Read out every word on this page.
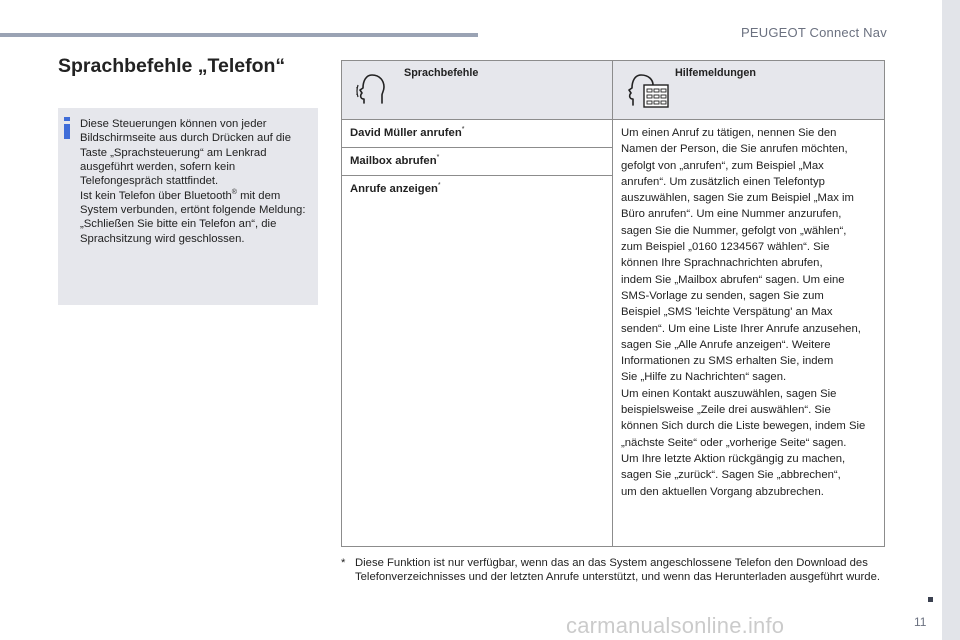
PEUGEOT Connect Nav
Sprachbefehle „Telefon“

Diese Steuerungen können von jeder Bildschirmseite aus durch Drücken auf die Taste „Sprachsteuerung“ am Lenkrad ausgeführt werden, sofern kein Telefongespräch stattfindet.

Ist kein Telefon über Bluetooth® mit dem System verbunden, ertönt folgende Meldung: „Schließen Sie bitte ein Telefon an“, die Sprachsitzung wird geschlossen.

Sprachbefehle	Hilfemeldungen
David Müller anrufen*
Mailbox abrufen*
Anrufe anzeigen*
Um einen Anruf zu tätigen, nennen Sie den
Namen der Person, die Sie anrufen möchten,
gefolgt von „anrufen“, zum Beispiel „Max
anrufen“. Um zusätzlich einen Telefontyp
auszuwählen, sagen Sie zum Beispiel „Max im
Büro anrufen“. Um eine Nummer anzurufen,
sagen Sie die Nummer, gefolgt von „wählen“,
zum Beispiel „0160 1234567 wählen“. Sie
können Ihre Sprachnachrichten abrufen,
indem Sie „Mailbox abrufen“ sagen. Um eine
SMS-Vorlage zu senden, sagen Sie zum
Beispiel „SMS 'leichte Verspätung' an Max
senden“. Um eine Liste Ihrer Anrufe anzusehen,
sagen Sie „Alle Anrufe anzeigen“. Weitere
Informationen zu SMS erhalten Sie, indem
Sie „Hilfe zu Nachrichten“ sagen.
Um einen Kontakt auszuwählen, sagen Sie
beispielsweise „Zeile drei auswählen“. Sie
können Sich durch die Liste bewegen, indem Sie
„nächste Seite“ oder „vorherige Seite“ sagen.
Um Ihre letzte Aktion rückgängig zu machen,
sagen Sie „zurück“. Sagen Sie „abbrechen“,
um den aktuellen Vorgang abzubrechen.
* Diese Funktion ist nur verfügbar, wenn das an das System angeschlossene Telefon den Download des Telefonverzeichnisses und der letzten Anrufe unterstützt, und wenn das Herunterladen ausgeführt wurde.
11
carmanualsonline.info
